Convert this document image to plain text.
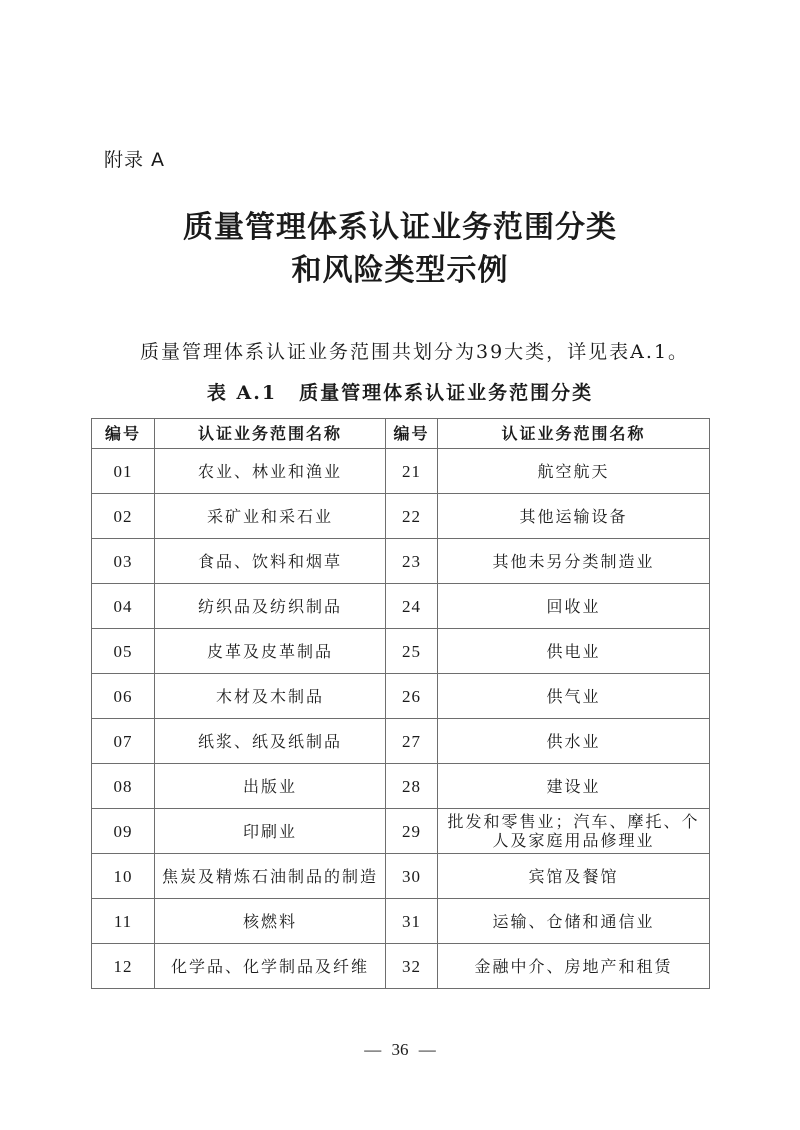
附录 A
质量管理体系认证业务范围分类
和风险类型示例
质量管理体系认证业务范围共划分为39大类，详见表A.1。
表 A.1 质量管理体系认证业务范围分类
编号	认证业务范围名称	编号	认证业务范围名称
01	农业、林业和渔业	21	航空航天
02	采矿业和采石业	22	其他运输设备
03	食品、饮料和烟草	23	其他未另分类制造业
04	纺织品及纺织制品	24	回收业
05	皮革及皮革制品	25	供电业
06	木材及木制品	26	供气业
07	纸浆、纸及纸制品	27	供水业
08	出版业	28	建设业
09	印刷业	29	批发和零售业；汽车、摩托、个人及家庭用品修理业
10	焦炭及精炼石油制品的制造	30	宾馆及餐馆
11	核燃料	31	运输、仓储和通信业
12	化学品、化学制品及纤维	32	金融中介、房地产和租赁
— 36 —
